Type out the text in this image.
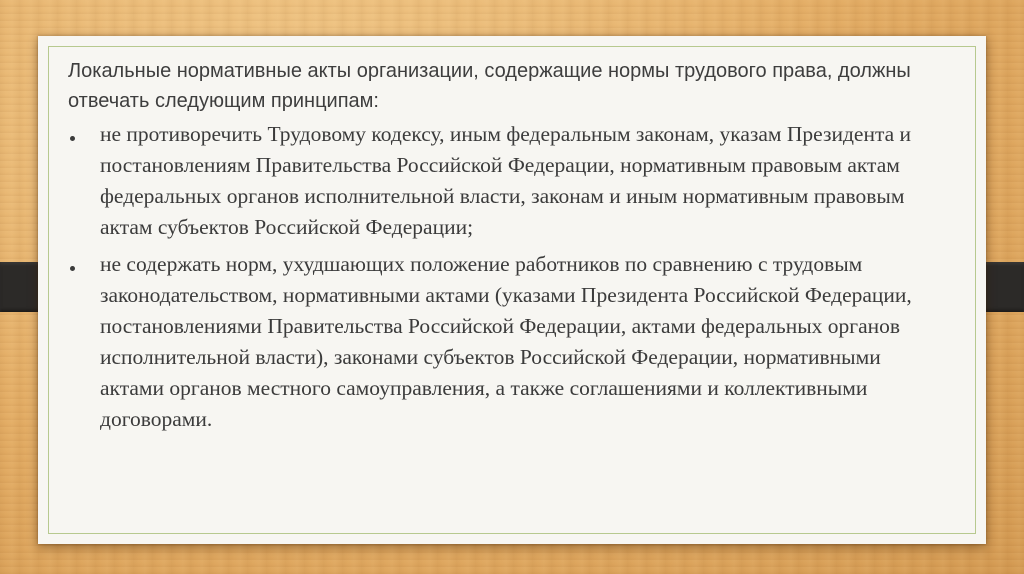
Локальные нормативные акты организации, содержащие нормы трудового права, должны отвечать следующим принципам:

не противоречить Трудовому кодексу, иным федеральным законам, указам Президента и постановлениям Правительства Российской Федерации, нормативным правовым актам федеральных органов исполнительной власти, законам и иным нормативным правовым актам субъектов Российской Федерации;
не содержать норм, ухудшающих положение работников по сравнению с трудовым законодательством, нормативными актами (указами Президента Российской Федерации, постановлениями Правительства Российской Федерации, актами федеральных органов исполнительной власти), законами субъектов Российской Федерации, нормативными актами органов местного самоуправления, а также соглашениями и коллективными договорами.
